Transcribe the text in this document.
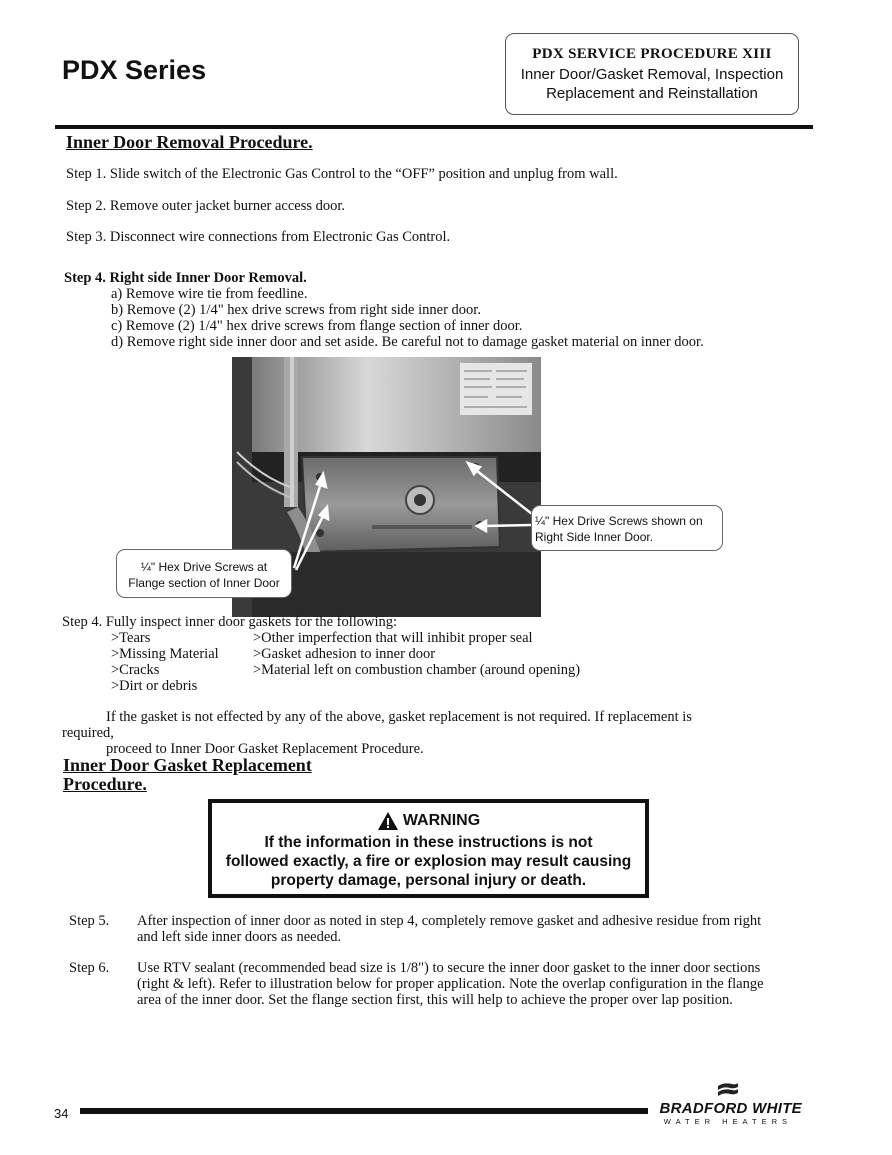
PDX Series
PDX SERVICE PROCEDURE XIII
Inner Door/Gasket Removal, Inspection
Replacement and Reinstallation
Inner Door Removal Procedure.
Step 1. Slide switch of the Electronic Gas Control to the “OFF” position and unplug from wall.
Step 2. Remove outer jacket burner access door.
Step 3. Disconnect wire connections from Electronic Gas Control.
Step 4. Right side Inner Door Removal.
a) Remove wire tie from feedline.
b) Remove (2) 1/4" hex drive screws from right side inner door.
c) Remove (2) 1/4" hex drive screws from flange section of inner door.
d) Remove right side inner door and set aside. Be careful not to damage gasket material on inner door.
¼" Hex Drive Screws shown on
Right Side Inner Door.
¼" Hex Drive Screws at
Flange section of Inner Door
Step 4. Fully inspect inner door gaskets for the following:
>Tears
>Missing Material
>Cracks
>Dirt or debris
>Other imperfection that will inhibit proper seal
>Gasket adhesion to inner door
>Material left on combustion chamber (around opening)
If the gasket is not effected by any of the above, gasket replacement is not required. If replacement is
required,
proceed to Inner Door Gasket Replacement Procedure.
Inner Door Gasket Replacement
Procedure.
WARNING
If the information in these instructions is not
followed exactly, a fire or explosion may result causing
property damage, personal injury or death.
Step 5. After inspection of inner door as noted in step 4, completely remove gasket and adhesive residue from right
and left side inner doors as needed.
Step 6. Use RTV sealant (recommended bead size is 1/8") to secure the inner door gasket to the inner door sections
(right & left). Refer to illustration below for proper application. Note the overlap configuration in the flange
area of the inner door. Set the flange section first, this will help to achieve the proper over lap position.
34	BRADFORD WHITE
WATER HEATERS
